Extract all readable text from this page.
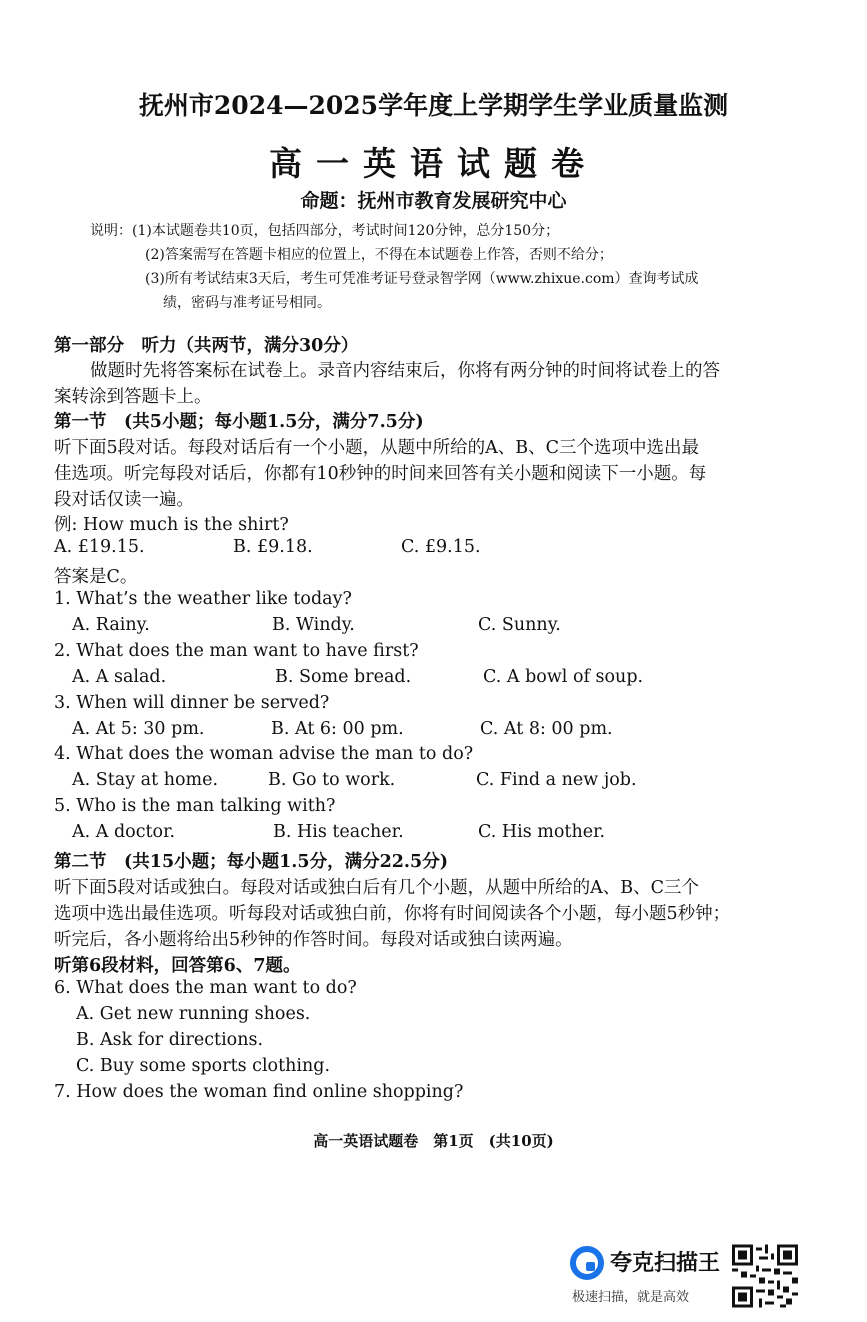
抚州市2024—2025学年度上学期学生学业质量监测
高一英语试题卷
命题：抚州市教育发展研究中心
说明：(1)本试题卷共10页，包括四部分，考试时间120分钟，总分150分；
(2)答案需写在答题卡相应的位置上，不得在本试题卷上作答，否则不给分；
(3)所有考试结束3天后，考生可凭准考证号登录智学网（www.zhixue.com）查询考试成
绩，密码与准考证号相同。
第一部分　听力（共两节，满分30分）
做题时先将答案标在试卷上。录音内容结束后，你将有两分钟的时间将试卷上的答
案转涂到答题卡上。
第一节　(共5小题；每小题1.5分，满分7.5分)
听下面5段对话。每段对话后有一个小题，从题中所给的A、B、C三个选项中选出最
佳选项。听完每段对话后，你都有10秒钟的时间来回答有关小题和阅读下一小题。每
段对话仅读一遍。
例: How much is the shirt?
A. £19.15.	B. £9.18.	C. £9.15.
答案是C。
1. What’s the weather like today?
A. Rainy.	B. Windy.	C. Sunny.
2. What does the man want to have first?
A. A salad.	B. Some bread.	C. A bowl of soup.
3. When will dinner be served?
A. At 5: 30 pm.	B. At 6: 00 pm.	C. At 8: 00 pm.
4. What does the woman advise the man to do?
A. Stay at home.	B. Go to work.	C. Find a new job.
5. Who is the man talking with?
A. A doctor.	B. His teacher.	C. His mother.
第二节　(共15小题；每小题1.5分，满分22.5分)
听下面5段对话或独白。每段对话或独白后有几个小题，从题中所给的A、B、C三个
选项中选出最佳选项。听每段对话或独白前，你将有时间阅读各个小题，每小题5秒钟；
听完后，各小题将给出5秒钟的作答时间。每段对话或独白读两遍。
听第6段材料，回答第6、7题。
6. What does the man want to do?
A. Get new running shoes.
B. Ask for directions.
C. Buy some sports clothing.
7. How does the woman find online shopping?
高一英语试题卷　第1页　(共10页)
夸克扫描王
极速扫描，就是高效
